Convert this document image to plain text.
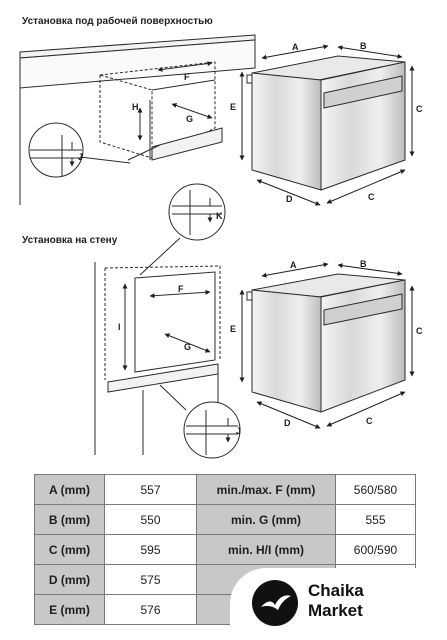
Установка под рабочей поверхностью
Установка на стену
A	B
E	C
D	C
F
G
H
J
K
A	B
E	C
D	C
F
G
I
J
A (mm)	557	min./max. F (mm)	560/580
B (mm)	550	min. G (mm)	555
C (mm)	595	min. H/I (mm)	600/590
D (mm)	575		
E (mm)	576		
Chaika
Market
